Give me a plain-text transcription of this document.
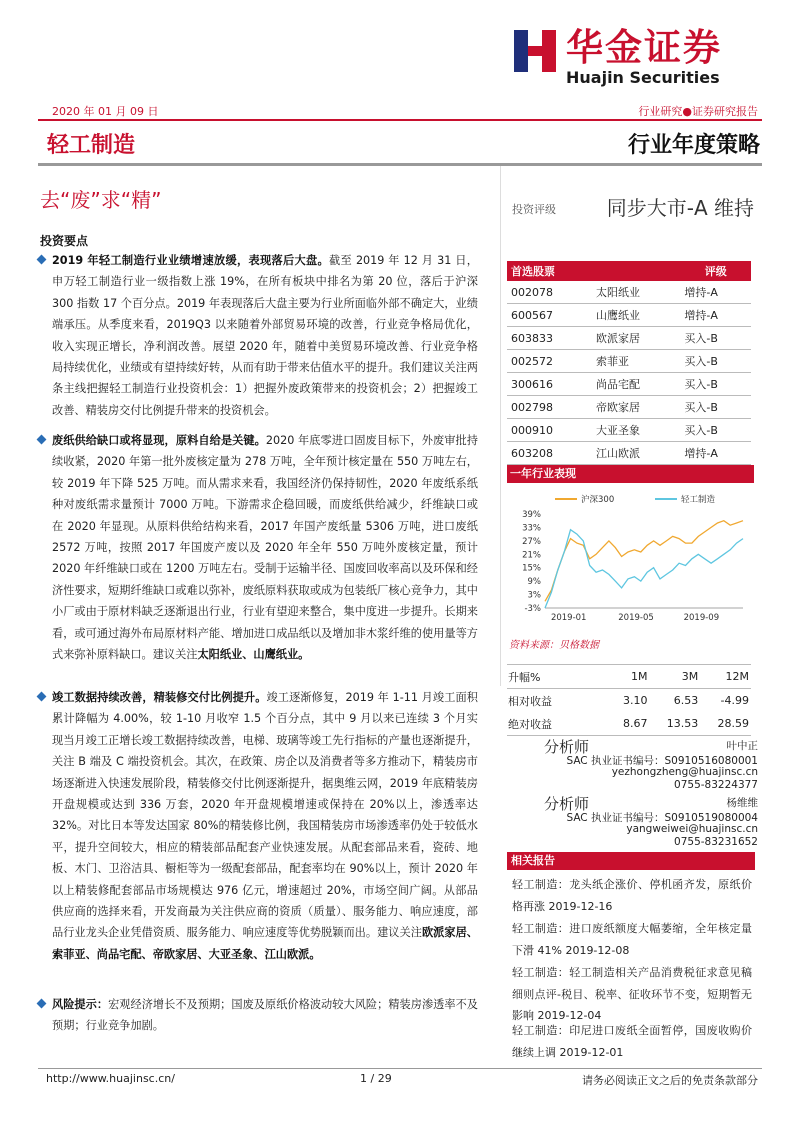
华金证券
Huajin Securities
2020 年 01 月 09 日	行业研究●证券研究报告
轻工制造	行业年度策略
去“废”求“精”
投资要点
2019 年轻工制造行业业绩增速放缓，表现落后大盘。截至 2019 年 12 月 31 日，申万轻工制造行业一级指数上涨 19%，在所有板块中排名为第 20 位，落后于沪深 300 指数 17 个百分点。2019 年表现落后大盘主要为行业所面临外部不确定大，业绩端承压。从季度来看，2019Q3 以来随着外部贸易环境的改善，行业竞争格局优化，收入实现正增长，净利润改善。展望 2020 年，随着中美贸易环境改善、行业竞争格局持续优化，业绩或有望持续好转，从而有助于带来估值水平的提升。我们建议关注两条主线把握轻工制造行业投资机会：1）把握外废政策带来的投资机会；2）把握竣工改善、精装房交付比例提升带来的投资机会。
废纸供给缺口或将显现，原料自给是关键。2020 年底零进口固废目标下，外废审批持续收紧，2020 年第一批外废核定量为 278 万吨，全年预计核定量在 550 万吨左右，较 2019 年下降 525 万吨。而从需求来看，我国经济仍保持韧性，2020 年废纸系纸种对废纸需求量预计 7000 万吨。下游需求企稳回暖，而废纸供给减少，纤维缺口或在 2020 年显现。从原料供给结构来看，2017 年国产废纸量 5306 万吨，进口废纸 2572 万吨，按照 2017 年国废产废以及 2020 年全年 550 万吨外废核定量，预计 2020 年纤维缺口或在 1200 万吨左右。受制于运输半径、国废回收率高以及环保和经济性要求，短期纤维缺口或难以弥补，废纸原料获取或成为包装纸厂核心竞争力，其中小厂或由于原材料缺乏逐渐退出行业，行业有望迎来整合，集中度进一步提升。长期来看，或可通过海外布局原材料产能、增加进口成品纸以及增加非木浆纤维的使用量等方式来弥补原料缺口。建议关注太阳纸业、山鹰纸业。
竣工数据持续改善，精装修交付比例提升。竣工逐渐修复，2019 年 1-11 月竣工面积累计降幅为 4.00%，较 1-10 月收窄 1.5 个百分点，其中 9 月以来已连续 3 个月实现当月竣工正增长竣工数据持续改善，电梯、玻璃等竣工先行指标的产量也逐渐提升，关注 B 端及 C 端投资机会。其次，在政策、房企以及消费者等多方推动下，精装房市场逐渐进入快速发展阶段，精装修交付比例逐渐提升，据奥维云网，2019 年底精装房开盘规模或达到 336 万套，2020 年开盘规模增速或保持在 20%以上，渗透率达 32%。对比日本等发达国家 80%的精装修比例，我国精装房市场渗透率仍处于较低水平，提升空间较大，相应的精装部品配套产业快速发展。从配套部品来看，瓷砖、地板、木门、卫浴洁具、橱柜等为一级配套部品，配套率均在 90%以上，预计 2020 年以上精装修配套部品市场规模达 976 亿元，增速超过 20%，市场空间广阔。从部品供应商的选择来看，开发商最为关注供应商的资质（质量）、服务能力、响应速度，部品行业龙头企业凭借资质、服务能力、响应速度等优势脱颖而出。建议关注欧派家居、索菲亚、尚品宅配、帝欧家居、大亚圣象、江山欧派。
风险提示：宏观经济增长不及预期；国废及原纸价格波动较大风险；精装房渗透率不及预期；行业竞争加剧。
投资评级	同步大市-A 维持
首选股票		评级
002078	太阳纸业	增持-A
600567	山鹰纸业	增持-A
603833	欧派家居	买入-B
002572	索菲亚	买入-B
300616	尚品宅配	买入-B
002798	帝欧家居	买入-B
000910	大亚圣象	买入-B
603208	江山欧派	增持-A
一年行业表现
39%
33%
27%
21%
15%
9%
3%
-3%
2019-01	2019-05	2019-09
沪深300	轻工制造
资料来源：贝格数据
升幅%	1M	3M	12M
相对收益	3.10	6.53	-4.99
绝对收益	8.67	13.53	28.59
分析师	叶中正
SAC 执业证书编号：S0910516080001
yezhongzheng@huajinsc.cn
0755-83224377
分析师	杨维维
SAC 执业证书编号：S0910519080004
yangweiwei@huajinsc.cn
0755-83231652
相关报告
轻工制造：龙头纸企涨价、停机函齐发，原纸价格再涨 2019-12-16
轻工制造：进口废纸额度大幅萎缩，全年核定量下滑 41% 2019-12-08
轻工制造：轻工制造相关产品消费税征求意见稿细则点评-税目、税率、征收环节不变，短期暂无影响 2019-12-04
轻工制造：印尼进口废纸全面暂停，国废收购价继续上调 2019-12-01
http://www.huajinsc.cn/	1 / 29	请务必阅读正文之后的免责条款部分
